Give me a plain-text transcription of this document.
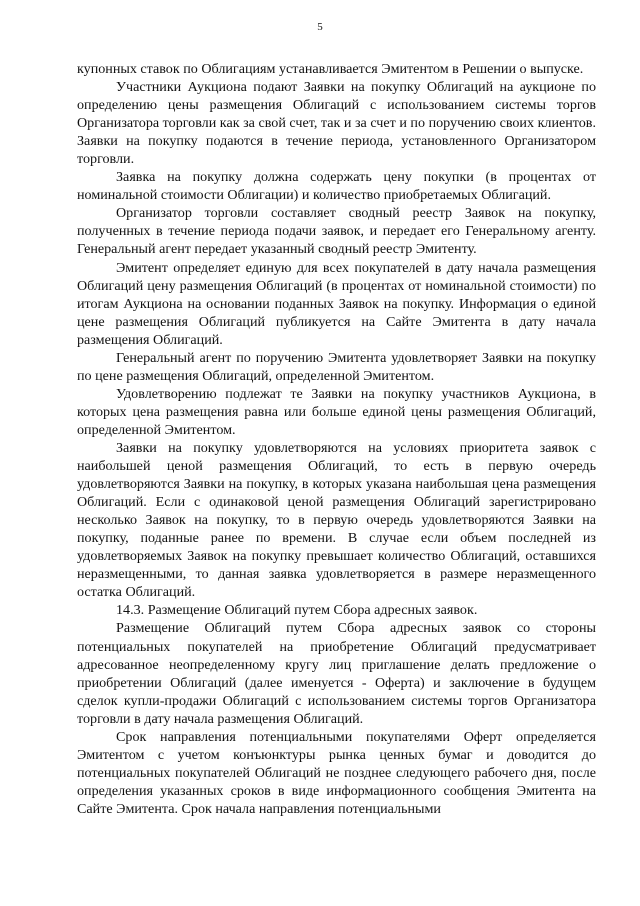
5

купонных ставок по Облигациям устанавливается Эмитентом в Решении о выпуске.

Участники Аукциона подают Заявки на покупку Облигаций на аукционе по определению цены размещения Облигаций с использованием системы торгов Организатора торговли как за свой счет, так и за счет и по поручению своих клиентов. Заявки на покупку подаются в течение периода, установленного Организатором торговли.

Заявка на покупку должна содержать цену покупки (в процентах от номинальной стоимости Облигации) и количество приобретаемых Облигаций.

Организатор торговли составляет сводный реестр Заявок на покупку, полученных в течение периода подачи заявок, и передает его Генеральному агенту. Генеральный агент передает указанный сводный реестр Эмитенту.

Эмитент определяет единую для всех покупателей в дату начала размещения Облигаций цену размещения Облигаций (в процентах от номинальной стоимости) по итогам Аукциона на основании поданных Заявок на покупку. Информация о единой цене размещения Облигаций публикуется на Сайте Эмитента в дату начала размещения Облигаций.

Генеральный агент по поручению Эмитента удовлетворяет Заявки на покупку по цене размещения Облигаций, определенной Эмитентом.

Удовлетворению подлежат те Заявки на покупку участников Аукциона, в которых цена размещения равна или больше единой цены размещения Облигаций, определенной Эмитентом.

Заявки на покупку удовлетворяются на условиях приоритета заявок с наибольшей ценой размещения Облигаций, то есть в первую очередь удовлетворяются Заявки на покупку, в которых указана наибольшая цена размещения Облигаций. Если с одинаковой ценой размещения Облигаций зарегистрировано несколько Заявок на покупку, то в первую очередь удовлетворяются Заявки на покупку, поданные ранее по времени. В случае если объем последней из удовлетворяемых Заявок на покупку превышает количество Облигаций, оставшихся неразмещенными, то данная заявка удовлетворяется в размере неразмещенного остатка Облигаций.

14.3. Размещение Облигаций путем Сбора адресных заявок.

Размещение Облигаций путем Сбора адресных заявок со стороны потенциальных покупателей на приобретение Облигаций предусматривает адресованное неопределенному кругу лиц приглашение делать предложение о приобретении Облигаций (далее именуется - Оферта) и заключение в будущем сделок купли-продажи Облигаций с использованием системы торгов Организатора торговли в дату начала размещения Облигаций.

Срок направления потенциальными покупателями Оферт определяется Эмитентом с учетом конъюнктуры рынка ценных бумаг и доводится до потенциальных покупателей Облигаций не позднее следующего рабочего дня, после определения указанных сроков в виде информационного сообщения Эмитента на Сайте Эмитента. Срок начала направления потенциальными
